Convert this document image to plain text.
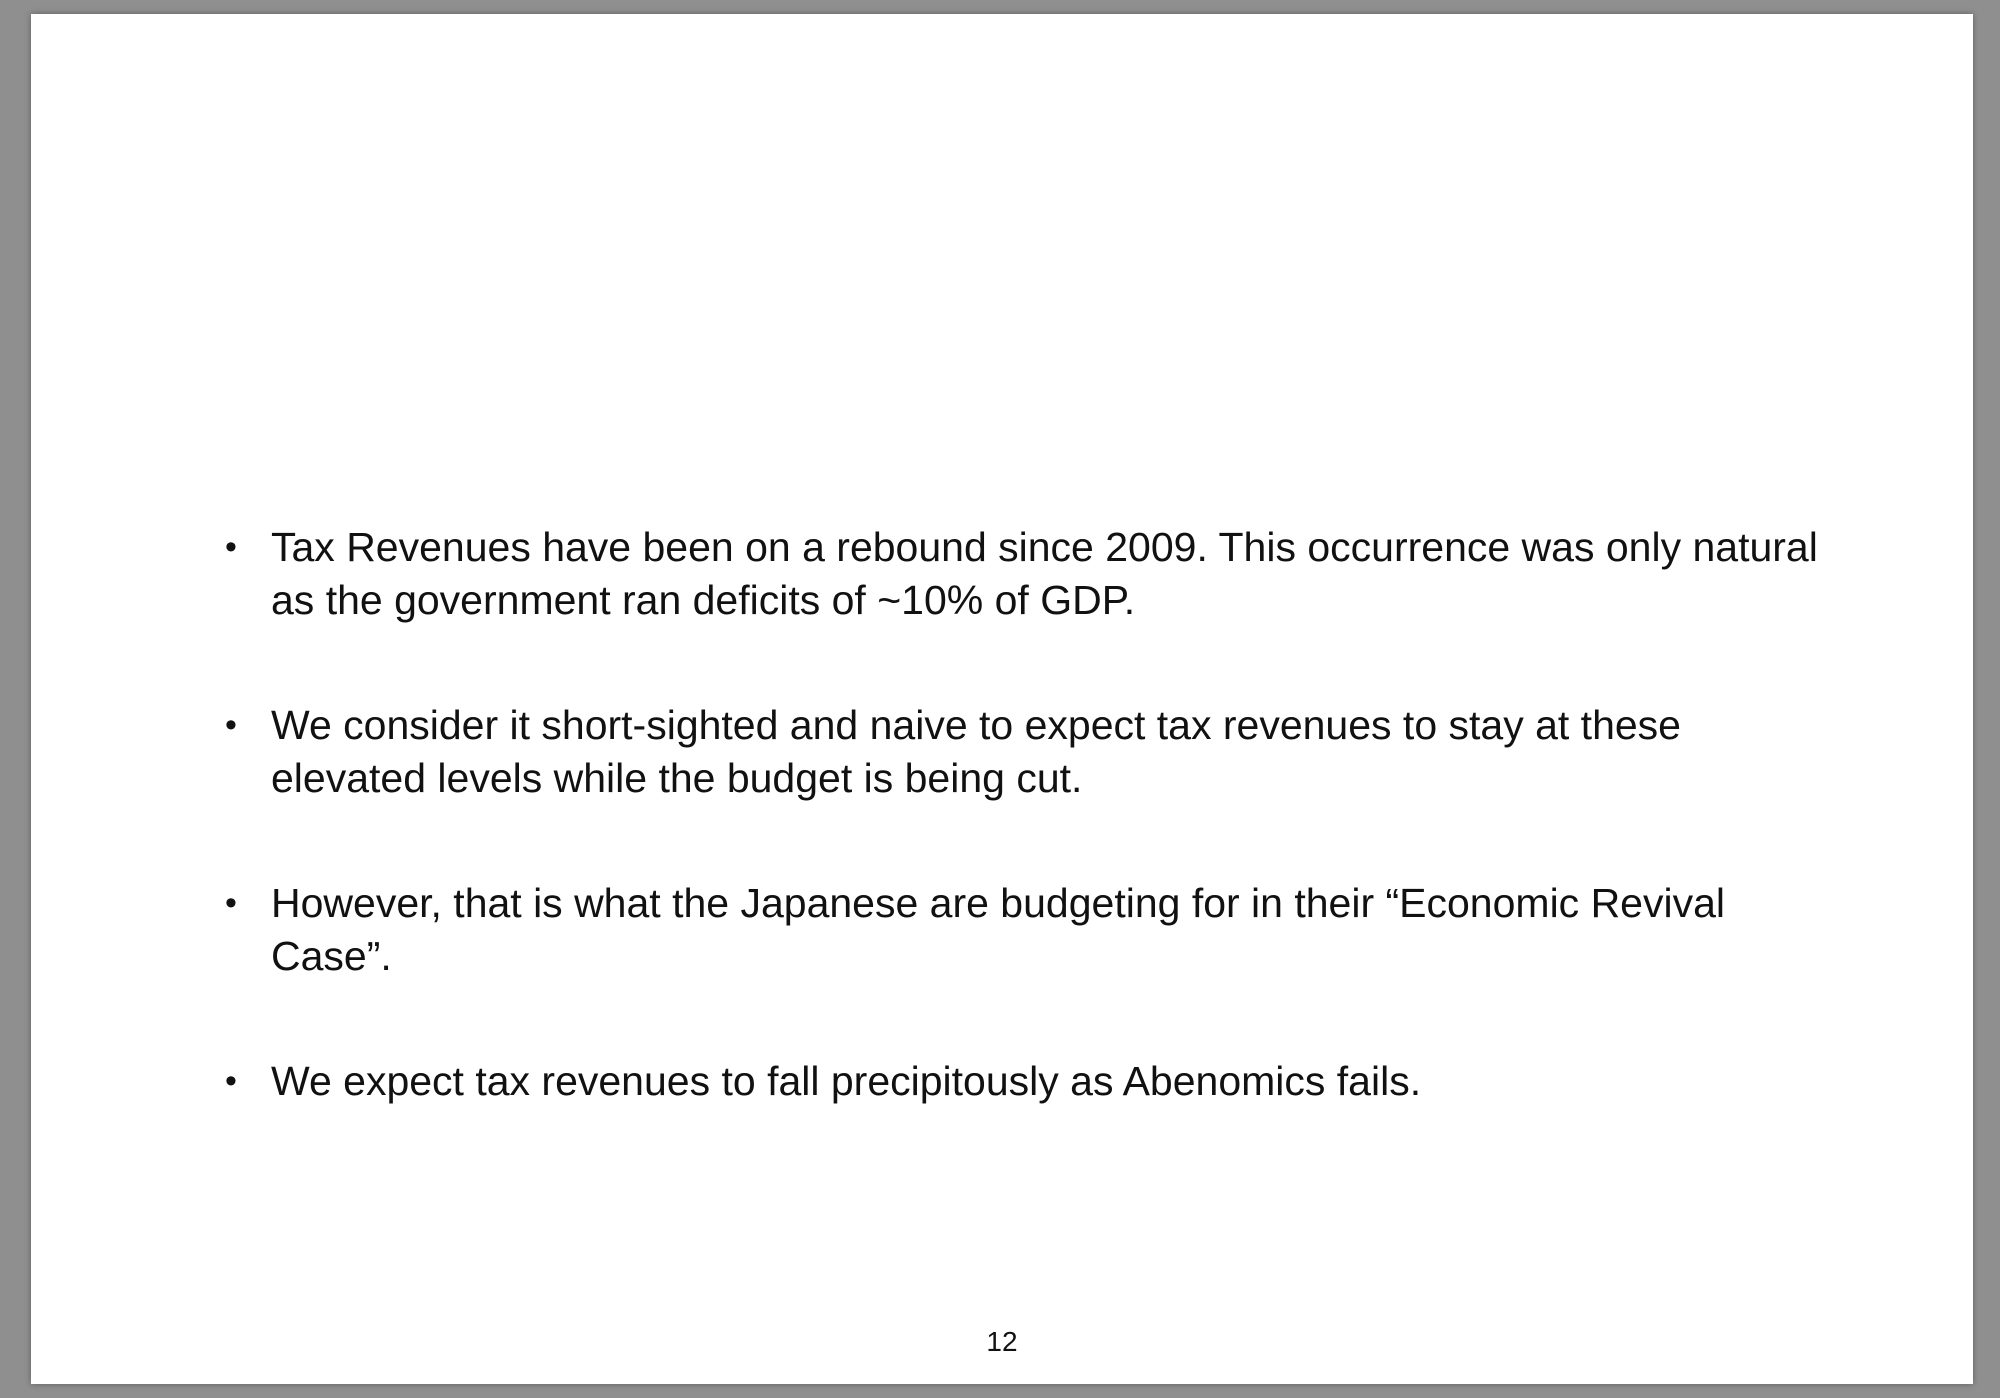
• Tax Revenues have been on a rebound since 2009. This occurrence was only natural as the government ran deficits of ~10% of GDP.
• We consider it short-sighted and naive to expect tax revenues to stay at these elevated levels while the budget is being cut.
• However, that is what the Japanese are budgeting for in their “Economic Revival Case”.
• We expect tax revenues to fall precipitously as Abenomics fails.
12
